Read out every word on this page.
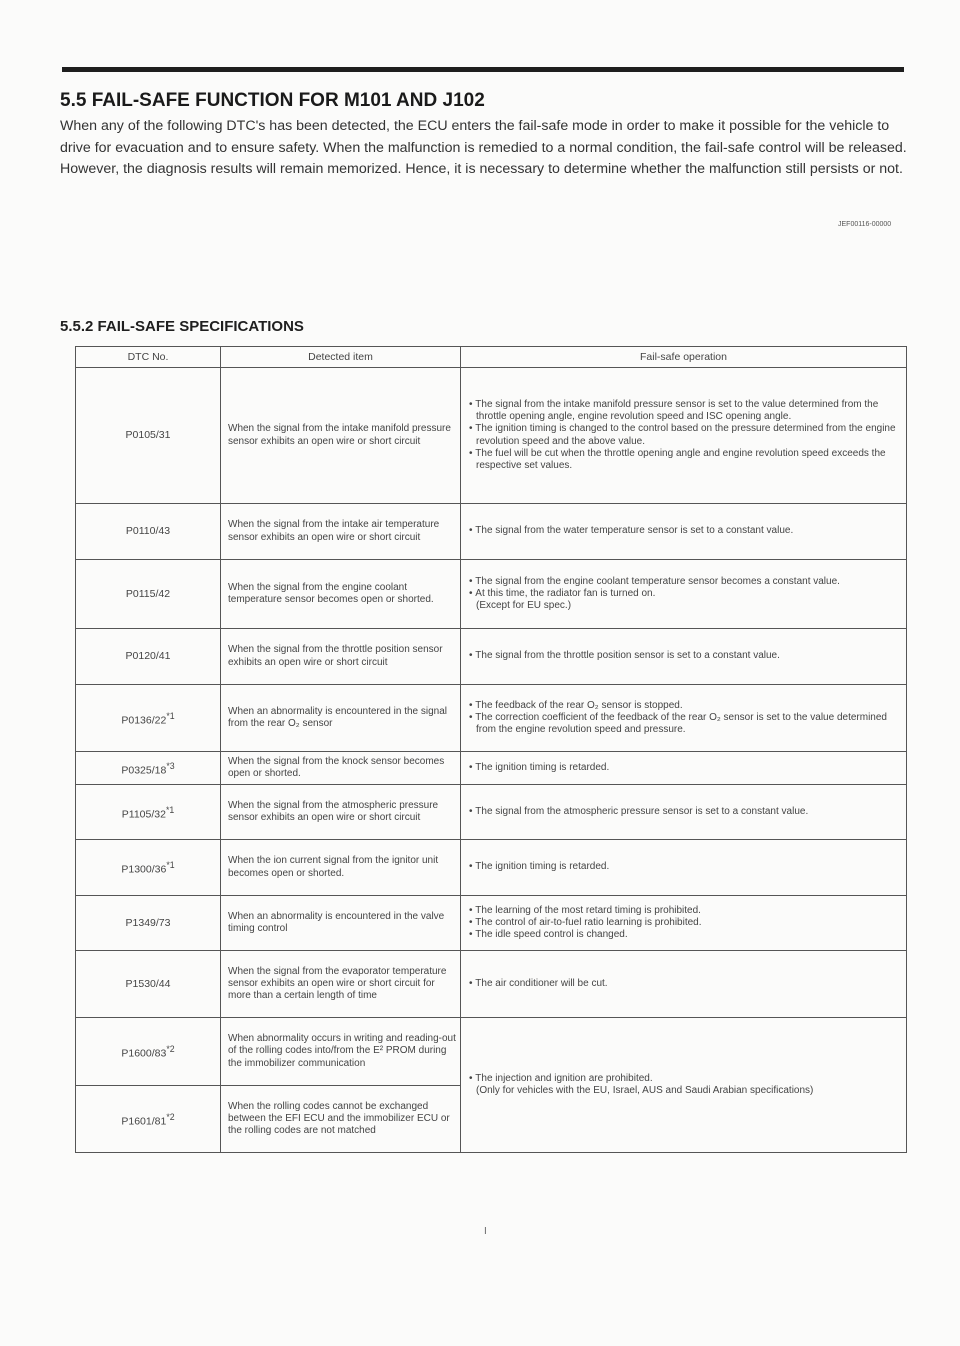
5.5 FAIL-SAFE FUNCTION FOR M101 AND J102

When any of the following DTC's has been detected, the ECU enters the fail-safe mode in order to make it possible for the vehicle to drive for evacuation and to ensure safety. When the malfunction is remedied to a normal condition, the fail-safe control will be released.

However, the diagnosis results will remain memorized. Hence, it is necessary to determine whether the malfunction still persists or not.

JEF00116-00000
5.5.2 FAIL-SAFE SPECIFICATIONS
DTC No.	Detected item	Fail-safe operation
P0105/31	When the signal from the intake manifold pressure sensor exhibits an open wire or short circuit	• The signal from the intake manifold pressure sensor is set to the value determined from the throttle opening angle, engine revolution speed and ISC opening angle.

• The ignition timing is changed to the control based on the pressure determined from the engine revolution speed and the above value.

• The fuel will be cut when the throttle opening angle and engine revolution speed exceeds the respective set values.

P0110/43	When the signal from the intake air temperature sensor exhibits an open wire or short circuit	• The signal from the water temperature sensor is set to a constant value.

P0115/42	When the signal from the engine coolant temperature sensor becomes open or shorted.	• The signal from the engine coolant temperature sensor becomes a constant value.

• At this time, the radiator fan is turned on.

(Except for EU spec.)

P0120/41	When the signal from the throttle position sensor exhibits an open wire or short circuit	• The signal from the throttle position sensor is set to a constant value.

P0136/22$^{*1}$	When an abnormality is encountered in the signal from the rear O₂ sensor	• The feedback of the rear O₂ sensor is stopped.

• The correction coefficient of the feedback of the rear O₂ sensor is set to the value determined from the engine revolution speed and pressure.

P0325/18$^{*3}$	When the signal from the knock sensor becomes open or shorted.	• The ignition timing is retarded.

P1105/32$^{*1}$	When the signal from the atmospheric pressure sensor exhibits an open wire or short circuit	• The signal from the atmospheric pressure sensor is set to a constant value.

P1300/36$^{*1}$	When the ion current signal from the ignitor unit becomes open or shorted.	• The ignition timing is retarded.

P1349/73	When an abnormality is encountered in the valve timing control	• The learning of the most retard timing is prohibited.

• The control of air-to-fuel ratio learning is prohibited.

• The idle speed control is changed.

P1530/44	When the signal from the evaporator temperature sensor exhibits an open wire or short circuit for more than a certain length of time	• The air conditioner will be cut.

P1600/83$^{*2}$	When abnormality occurs in writing and reading-out of the rolling codes into/from the E² PROM during the immobilizer communication	• The injection and ignition are prohibited.

(Only for vehicles with the EU, Israel, AUS and Saudi Arabian specifications)

P1601/81$^{*2}$	When the rolling codes cannot be exchanged between the EFI ECU and the immobilizer ECU or the rolling codes are not matched	
I
